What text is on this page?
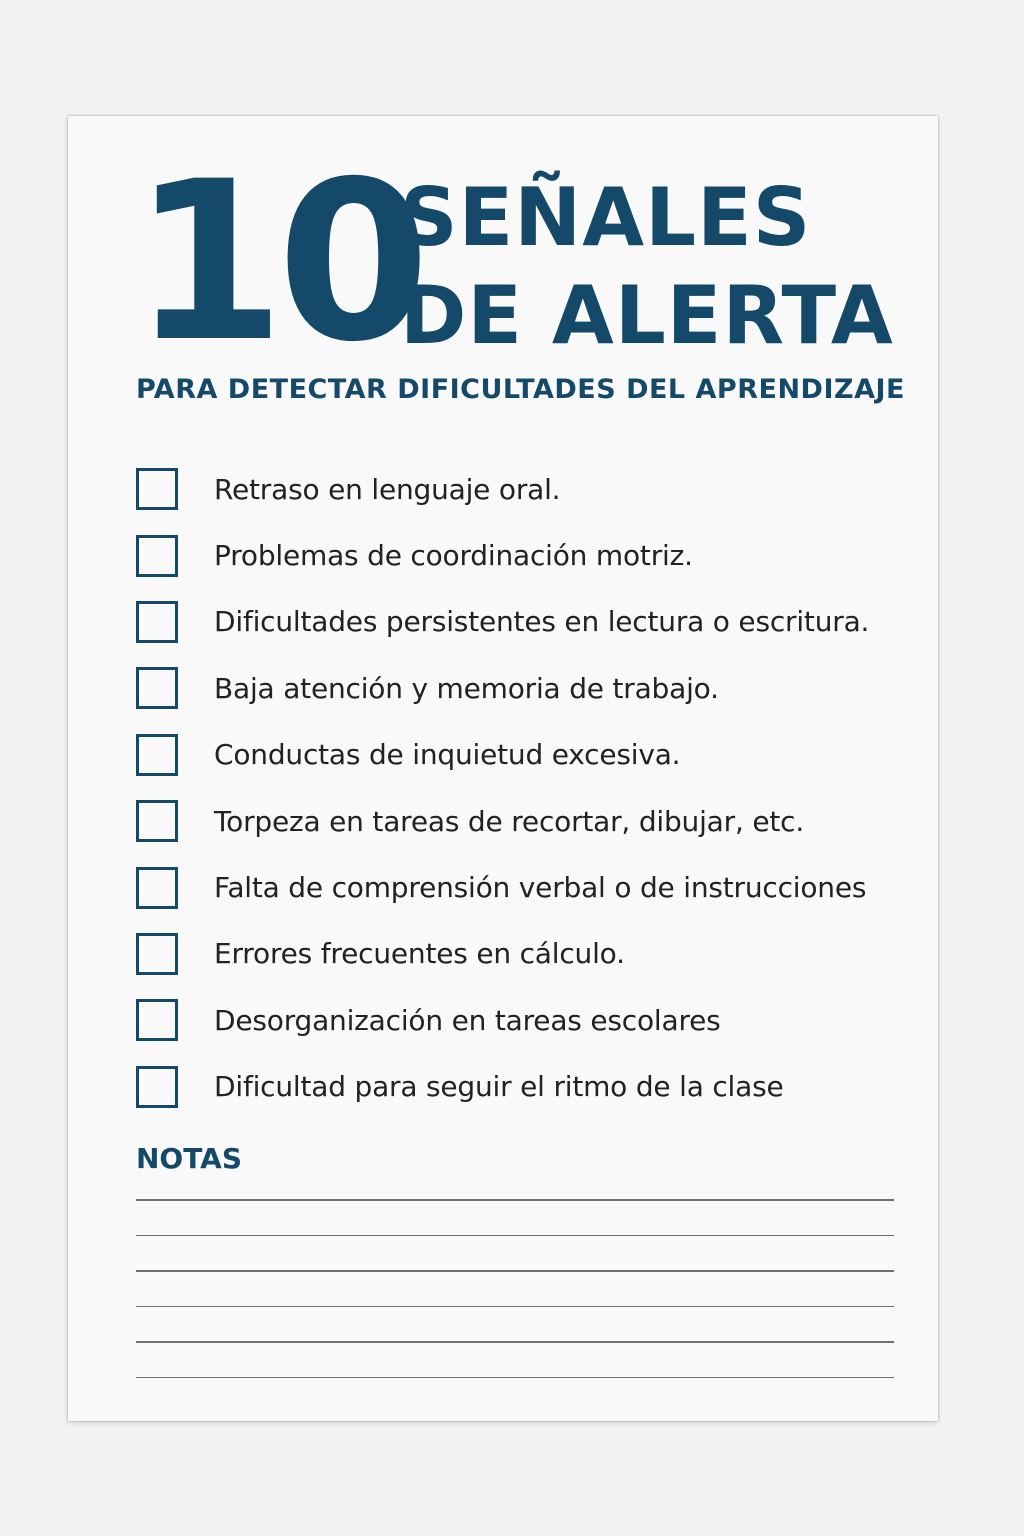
10
SEÑALES
DE ALERTA
PARA DETECTAR DIFICULTADES DEL APRENDIZAJE
Retraso en lenguaje oral.
Problemas de coordinación motriz.
Dificultades persistentes en lectura o escritura.
Baja atención y memoria de trabajo.
Conductas de inquietud excesiva.
Torpeza en tareas de recortar, dibujar, etc.
Falta de comprensión verbal o de instrucciones
Errores frecuentes en cálculo.
Desorganización en tareas escolares
Dificultad para seguir el ritmo de la clase
NOTAS
